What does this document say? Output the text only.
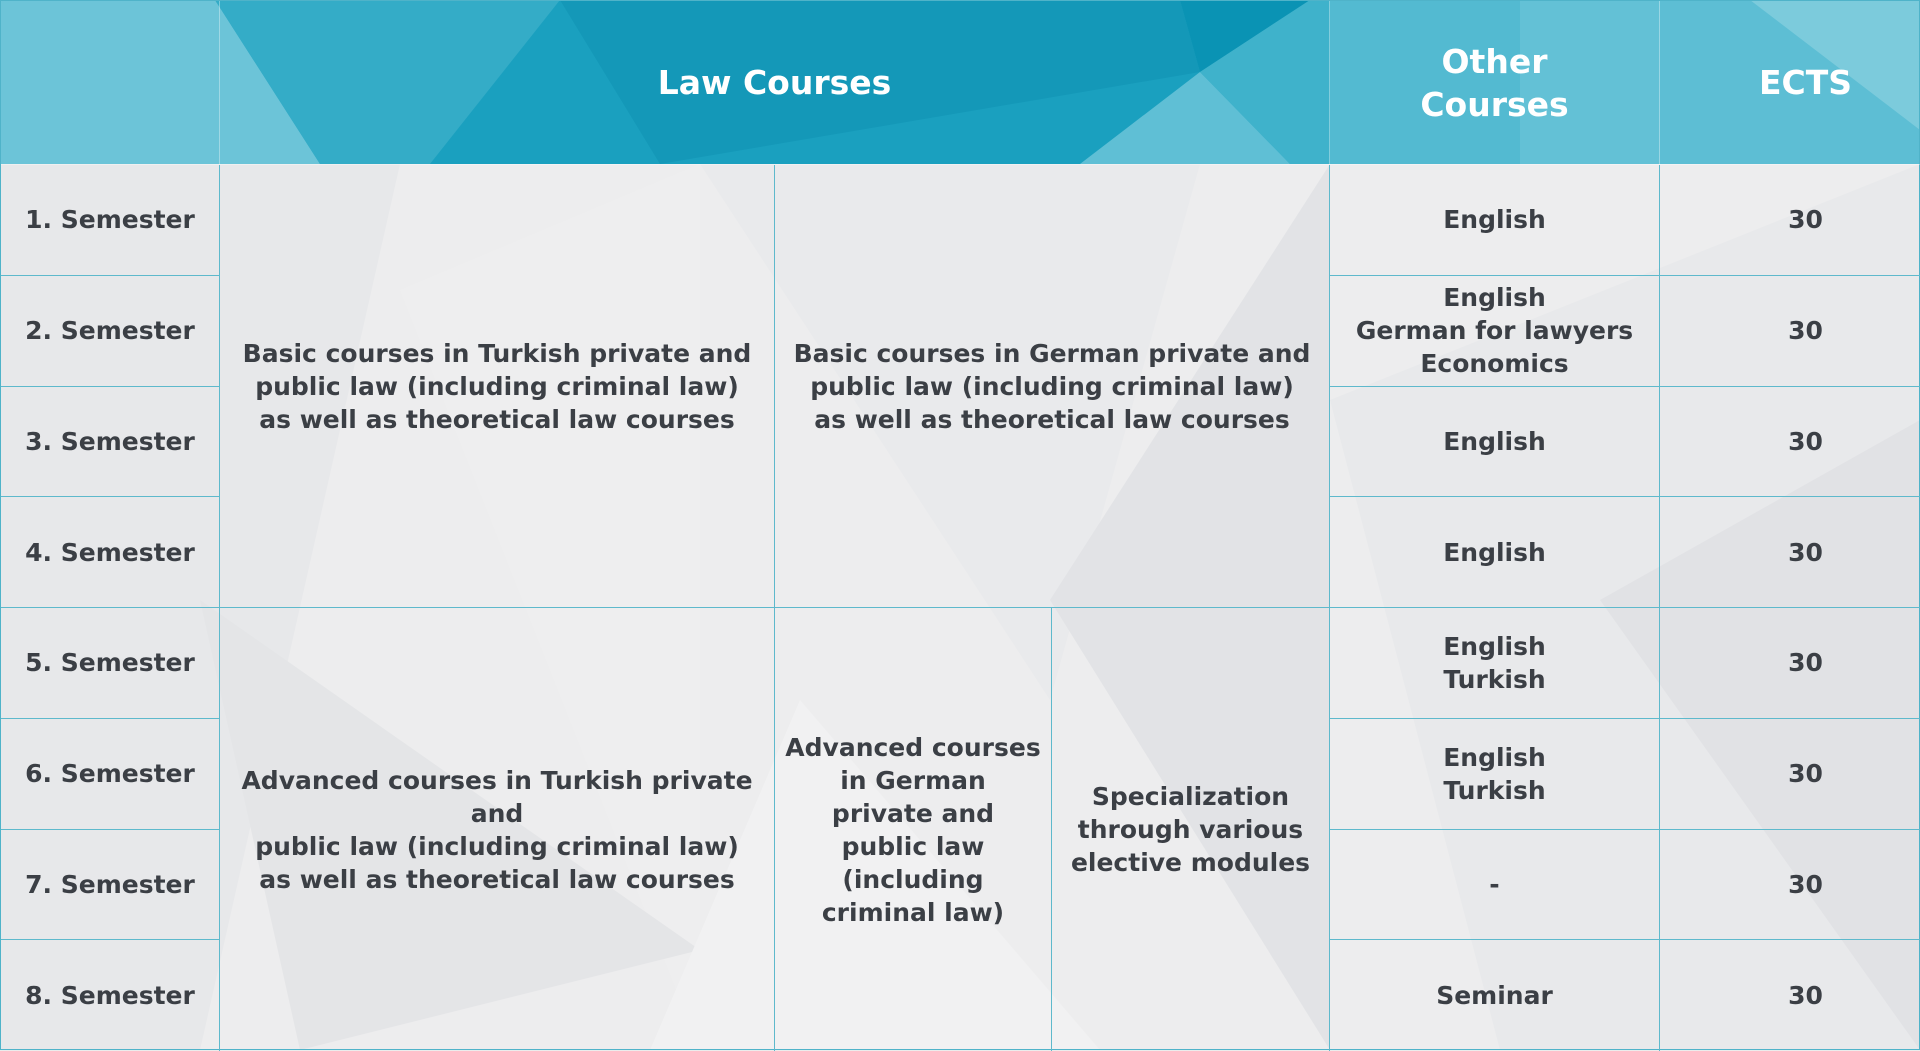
Law Courses
Other
Courses
ECTS
1. Semester
2. Semester
3. Semester
4. Semester
5. Semester
6. Semester
7. Semester
8. Semester
Basic courses in Turkish private and
public law (including criminal law)
as well as theoretical law courses
Basic courses in German private and
public law (including criminal law)
as well as theoretical law courses
Advanced courses in Turkish private and
public law (including criminal law)
as well as theoretical law courses
Advanced courses
in German
private and
public law
(including
criminal law)
Specialization
through various
elective modules
English
English
German for lawyers
Economics
English
English
English
Turkish
English
Turkish
-
Seminar
30
30
30
30
30
30
30
30
